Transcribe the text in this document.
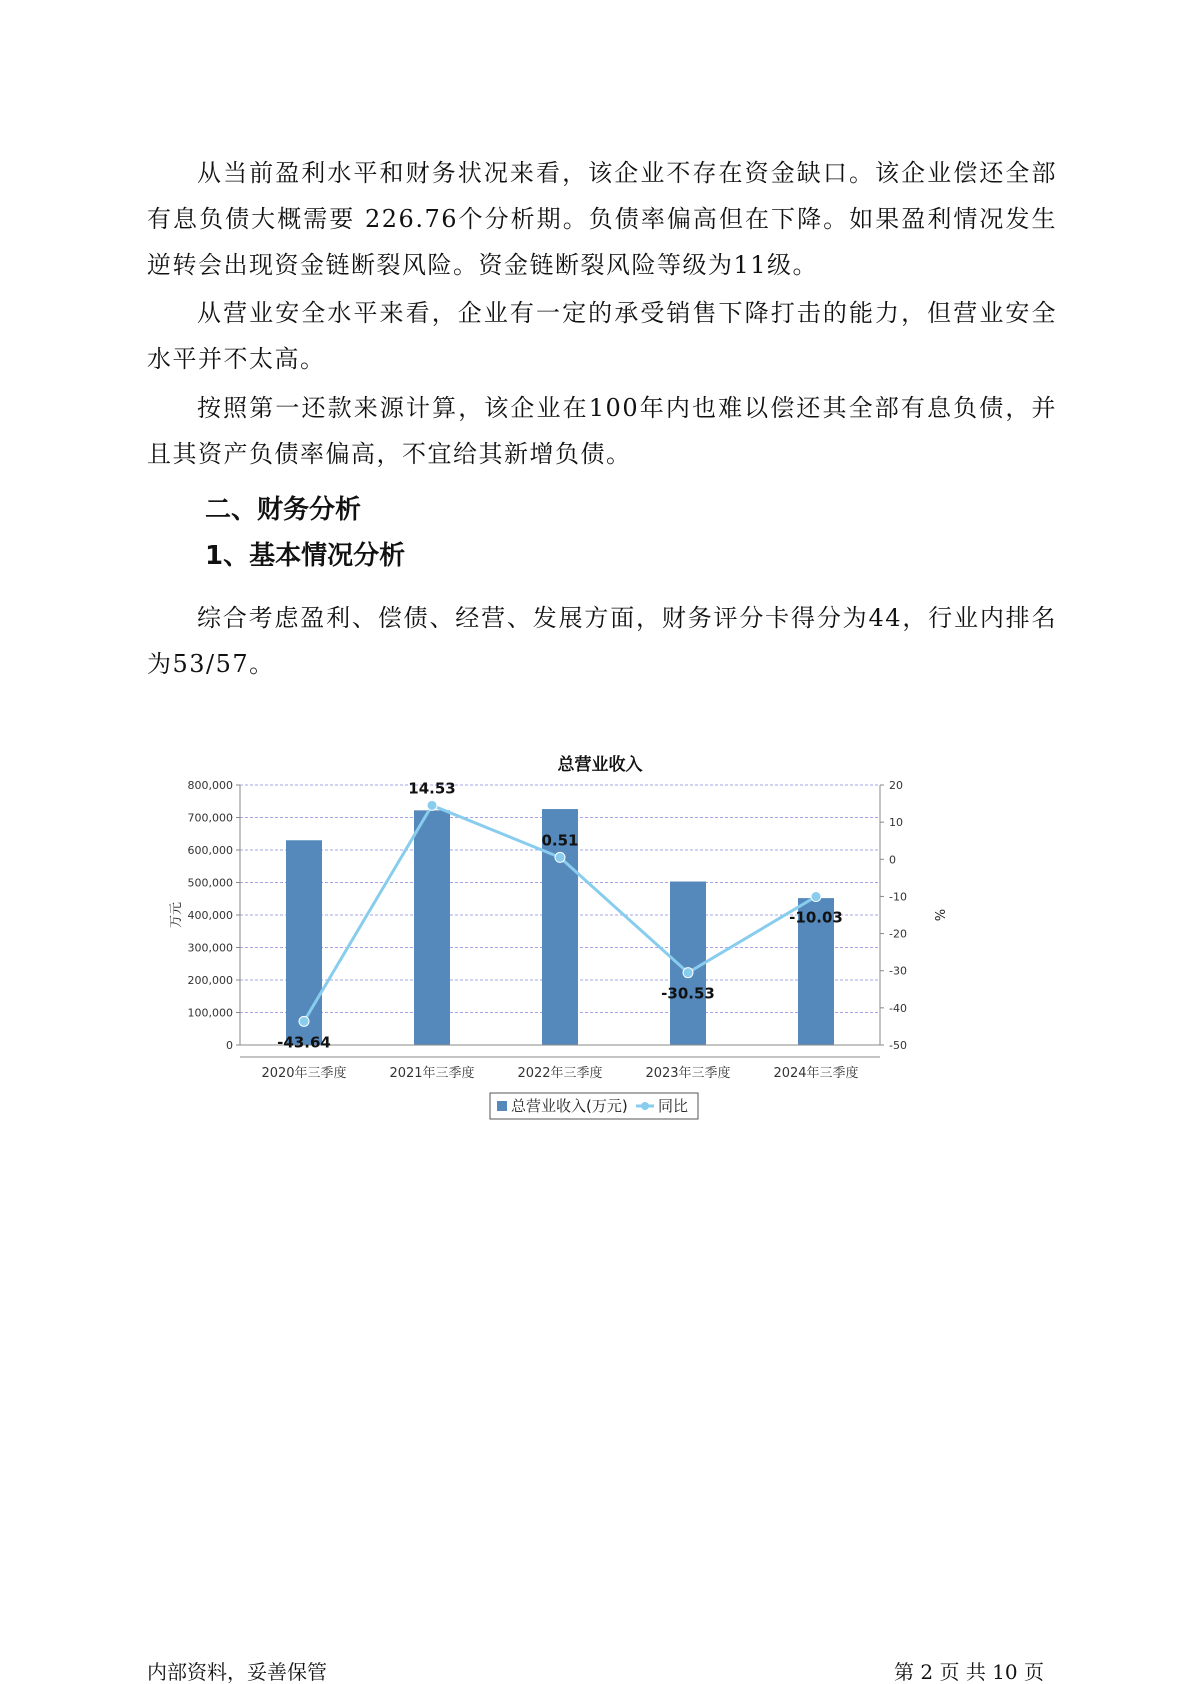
从当前盈利水平和财务状况来看，该企业不存在资金缺口。该企业偿还全部有息负债大概需要 226.76个分析期。负债率偏高但在下降。如果盈利情况发生逆转会出现资金链断裂风险。资金链断裂风险等级为11级。

从营业安全水平来看，企业有一定的承受销售下降打击的能力，但营业安全水平并不太高。

按照第一还款来源计算，该企业在100年内也难以偿还其全部有息负债，并且其资产负债率偏高，不宜给其新增负债。

二、财务分析
1、基本情况分析

综合考虑盈利、偿债、经营、发展方面，财务评分卡得分为44，行业内排名为53/57。

总营业收入
0
100,000
200,000
300,000
400,000
500,000
600,000
700,000
800,000
-50
-40
-30
-20
-10
0
10
20
2020年三季度	2021年三季度	2022年三季度	2023年三季度	2024年三季度
-43.64
14.53
0.51
-30.53
-10.03
万元	%
总营业收入(万元) 同比
内部资料，妥善保管	第 2 页 共 10 页
